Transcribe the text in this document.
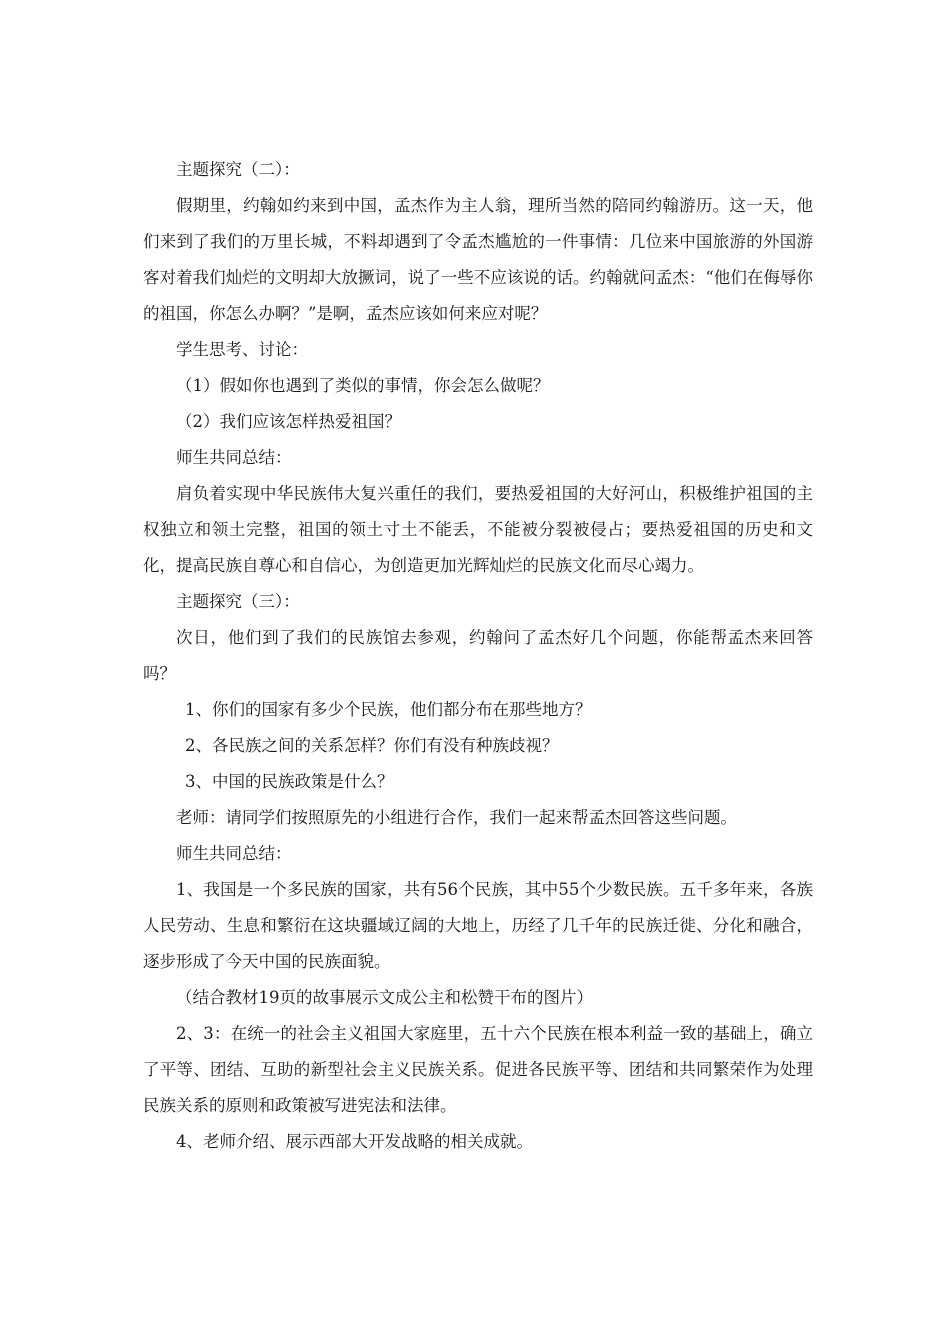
主题探究（二）：

假期里，约翰如约来到中国，孟杰作为主人翁，理所当然的陪同约翰游历。这一天，他们来到了我们的万里长城，不料却遇到了令孟杰尴尬的一件事情：几位来中国旅游的外国游客对着我们灿烂的文明却大放撅词，说了一些不应该说的话。约翰就问孟杰：“他们在侮辱你的祖国，你怎么办啊？”是啊，孟杰应该如何来应对呢？

学生思考、讨论：

（1）假如你也遇到了类似的事情，你会怎么做呢？

（2）我们应该怎样热爱祖国？

师生共同总结：

肩负着实现中华民族伟大复兴重任的我们，要热爱祖国的大好河山，积极维护祖国的主权独立和领土完整，祖国的领土寸土不能丢，不能被分裂被侵占；要热爱祖国的历史和文化，提高民族自尊心和自信心，为创造更加光辉灿烂的民族文化而尽心竭力。

主题探究（三）：

次日，他们到了我们的民族馆去参观，约翰问了孟杰好几个问题，你能帮孟杰来回答吗？

1、你们的国家有多少个民族，他们都分布在那些地方？

2、各民族之间的关系怎样？你们有没有种族歧视？

3、中国的民族政策是什么？

老师：请同学们按照原先的小组进行合作，我们一起来帮孟杰回答这些问题。

师生共同总结：

1、我国是一个多民族的国家，共有56个民族，其中55个少数民族。五千多年来，各族人民劳动、生息和繁衍在这块疆域辽阔的大地上，历经了几千年的民族迁徙、分化和融合，逐步形成了今天中国的民族面貌。

（结合教材19页的故事展示文成公主和松赞干布的图片）

2、3：在统一的社会主义祖国大家庭里，五十六个民族在根本利益一致的基础上，确立了平等、团结、互助的新型社会主义民族关系。促进各民族平等、团结和共同繁荣作为处理民族关系的原则和政策被写进宪法和法律。

4、老师介绍、展示西部大开发战略的相关成就。
